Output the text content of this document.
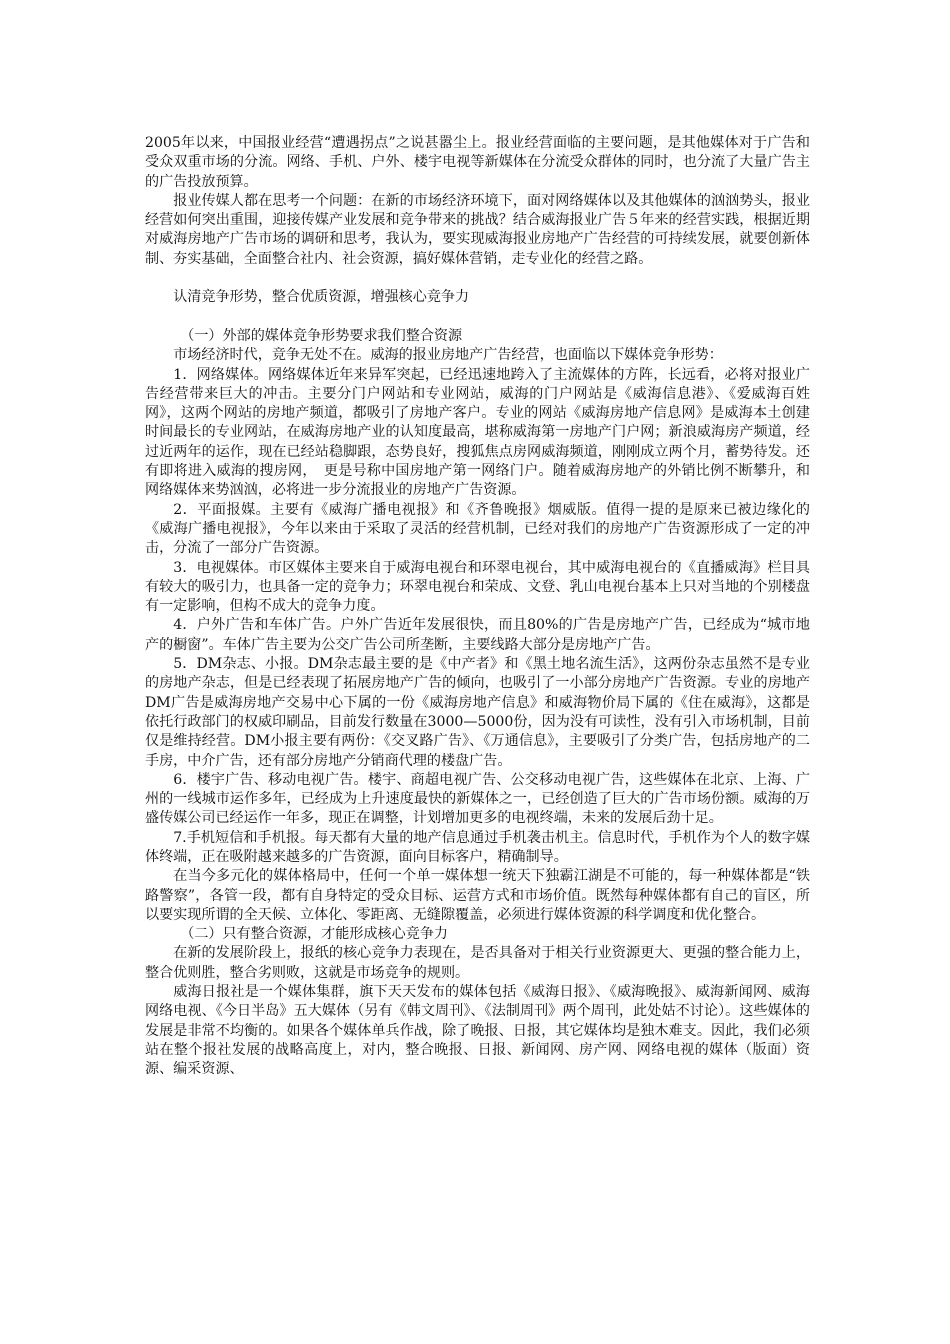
2005年以来，中国报业经营“遭遇拐点”之说甚嚣尘上。报业经营面临的主要问题，是其他媒体对于广告和受众双重市场的分流。网络、手机、户外、楼宇电视等新媒体在分流受众群体的同时，也分流了大量广告主的广告投放预算。

报业传媒人都在思考一个问题：在新的市场经济环境下，面对网络媒体以及其他媒体的汹汹势头，报业经营如何突出重围，迎接传媒产业发展和竞争带来的挑战？结合威海报业广告５年来的经营实践，根据近期对威海房地产广告市场的调研和思考，我认为，要实现威海报业房地产广告经营的可持续发展，就要创新体制、夯实基础，全面整合社内、社会资源，搞好媒体营销，走专业化的经营之路。

认清竞争形势，整合优质资源，增强核心竞争力

（一）外部的媒体竞争形势要求我们整合资源

市场经济时代，竞争无处不在。威海的报业房地产广告经营，也面临以下媒体竞争形势：

1．网络媒体。网络媒体近年来异军突起，已经迅速地跨入了主流媒体的方阵，长远看，必将对报业广告经营带来巨大的冲击。主要分门户网站和专业网站，威海的门户网站是《威海信息港》、《爱威海百姓网》，这两个网站的房地产频道，都吸引了房地产客户。专业的网站《威海房地产信息网》是威海本土创建时间最长的专业网站，在威海房地产业的认知度最高，堪称威海第一房地产门户网；新浪威海房产频道，经过近两年的运作，现在已经站稳脚跟，态势良好，搜狐焦点房网威海频道，刚刚成立两个月，蓄势待发。还有即将进入威海的搜房网，　更是号称中国房地产第一网络门户。随着威海房地产的外销比例不断攀升，和网络媒体来势汹汹，必将进一步分流报业的房地产广告资源。

2．平面报媒。主要有《威海广播电视报》和《齐鲁晚报》烟威版。值得一提的是原来已被边缘化的《威海广播电视报》，今年以来由于采取了灵活的经营机制，已经对我们的房地产广告资源形成了一定的冲击，分流了一部分广告资源。

3．电视媒体。市区媒体主要来自于威海电视台和环翠电视台，其中威海电视台的《直播威海》栏目具有较大的吸引力，也具备一定的竞争力；环翠电视台和荣成、文登、乳山电视台基本上只对当地的个别楼盘有一定影响，但构不成大的竞争力度。

4．户外广告和车体广告。户外广告近年发展很快，而且80%的广告是房地产广告，已经成为“城市地产的橱窗”。车体广告主要为公交广告公司所垄断，主要线路大部分是房地产广告。

5．DM杂志、小报。DM杂志最主要的是《中产者》和《黑土地名流生活》，这两份杂志虽然不是专业的房地产杂志，但是已经表现了拓展房地产广告的倾向，也吸引了一小部分房地产广告资源。专业的房地产DM广告是威海房地产交易中心下属的一份《威海房地产信息》和威海物价局下属的《住在威海》，这都是依托行政部门的权威印刷品，目前发行数量在3000—5000份，因为没有可读性，没有引入市场机制，目前仅是维持经营。DM小报主要有两份：《交叉路广告》、《万通信息》，主要吸引了分类广告，包括房地产的二手房，中介广告，还有部分房地产分销商代理的楼盘广告。

6．楼宇广告、移动电视广告。楼宇、商超电视广告、公交移动电视广告，这些媒体在北京、上海、广州的一线城市运作多年，已经成为上升速度最快的新媒体之一，已经创造了巨大的广告市场份额。威海的万盛传媒公司已经运作一年多，现正在调整，计划增加更多的电视终端，未来的发展后劲十足。

7.手机短信和手机报。每天都有大量的地产信息通过手机袭击机主。信息时代，手机作为个人的数字媒体终端，正在吸附越来越多的广告资源，面向目标客户，精确制导。

在当今多元化的媒体格局中，任何一个单一媒体想一统天下独霸江湖是不可能的，每一种媒体都是“铁路警察”，各管一段，都有自身特定的受众目标、运营方式和市场价值。既然每种媒体都有自己的盲区，所以要实现所谓的全天候、立体化、零距离、无缝隙覆盖，必须进行媒体资源的科学调度和优化整合。

（二）只有整合资源，才能形成核心竞争力

在新的发展阶段上，报纸的核心竞争力表现在，是否具备对于相关行业资源更大、更强的整合能力上，整合优则胜，整合劣则败，这就是市场竞争的规则。

威海日报社是一个媒体集群，旗下天天发布的媒体包括《威海日报》、《威海晚报》、威海新闻网、威海网络电视、《今日半岛》五大媒体（另有《韩文周刊》、《法制周刊》两个周刊，此处姑不讨论）。这些媒体的发展是非常不均衡的。如果各个媒体单兵作战，除了晚报、日报，其它媒体均是独木难支。因此，我们必须站在整个报社发展的战略高度上，对内，整合晚报、日报、新闻网、房产网、网络电视的媒体（版面）资源、编采资源、
